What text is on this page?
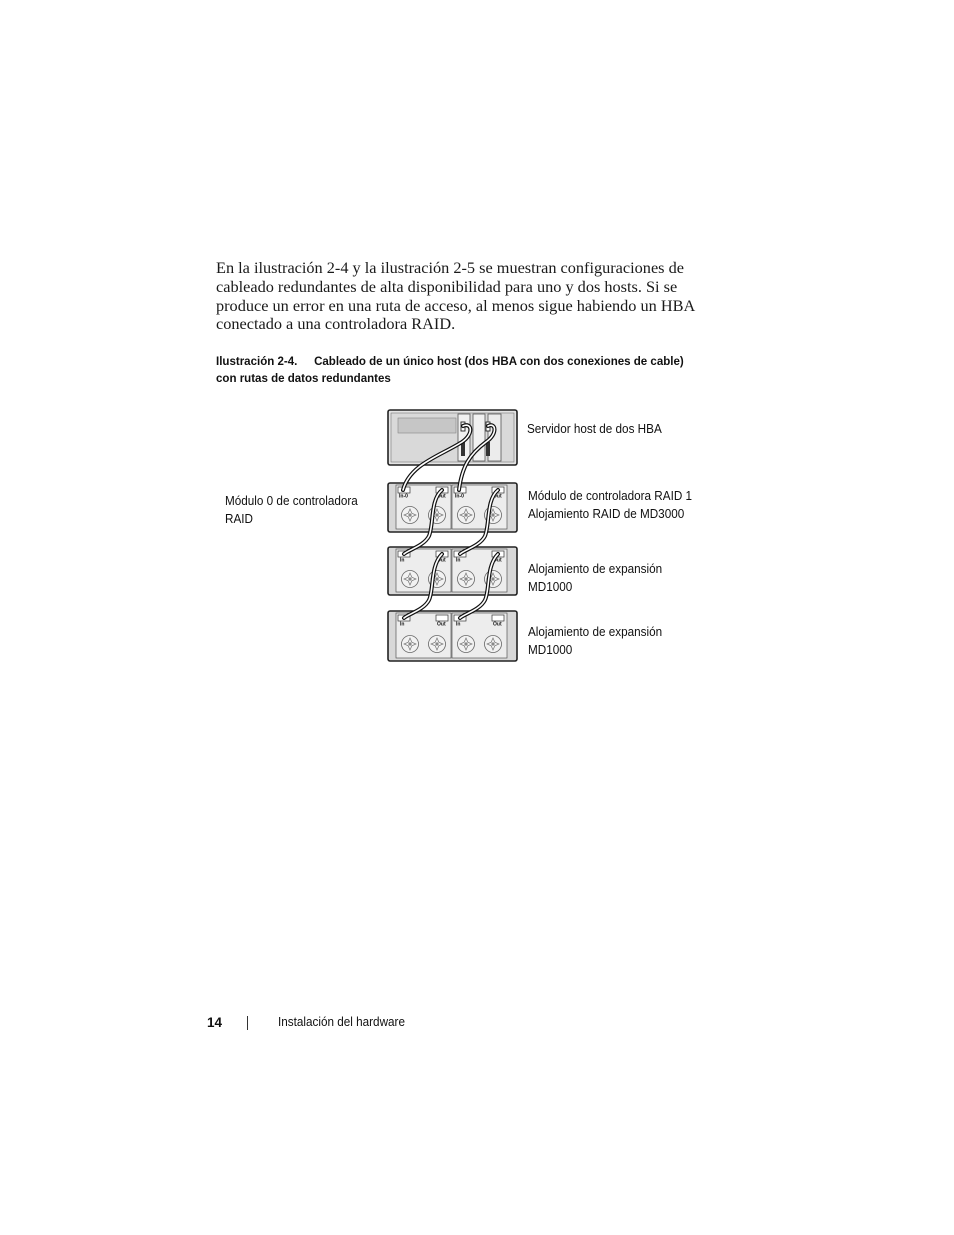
En la ilustración 2-4 y la ilustración 2-5 se muestran configuraciones de
cableado redundantes de alta disponibilidad para uno y dos hosts. Si se
produce un error en una ruta de acceso, al menos sigue habiendo un HBA
conectado a una controladora RAID.
Ilustración 2-4. Cableado de un único host (dos HBA con dos conexiones de cable)
con rutas de datos redundantes
In-0	Out In-0	Out
In	Out In	Out
In	Out In	Out
Servidor host de dos HBA
Módulo 0 de controladora
RAID
Módulo de controladora RAID 1
Alojamiento RAID de MD3000
Alojamiento de expansión
MD1000
Alojamiento de expansión
MD1000
14	Instalación del hardware
